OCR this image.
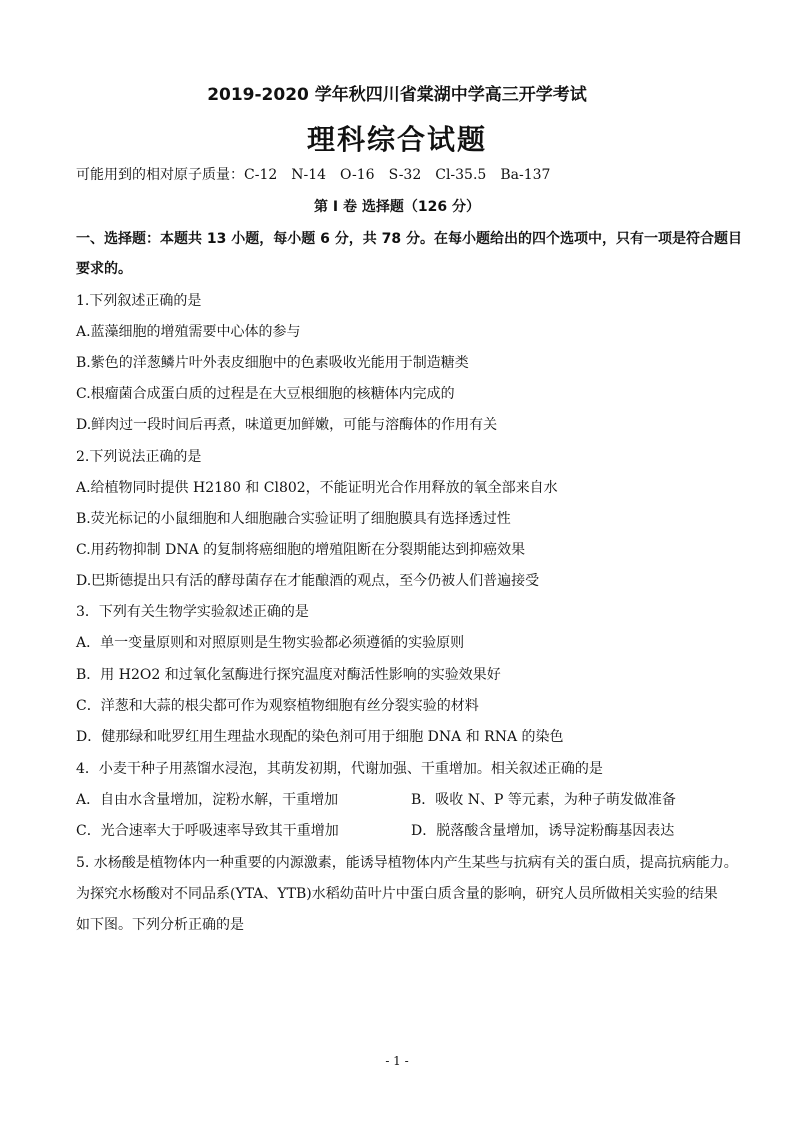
2019-2020 学年秋四川省棠湖中学高三开学考试
理科综合试题
可能用到的相对原子质量：C-12　N-14　O-16　S-32　Cl-35.5　Ba-137
第 I 卷 选择题（126 分）
一、选择题：本题共 13 小题，每小题 6 分，共 78 分。在每小题给出的四个选项中，只有一项是符合题目
要求的。
1.下列叙述正确的是
A.蓝藻细胞的增殖需要中心体的参与
B.紫色的洋葱鳞片叶外表皮细胞中的色素吸收光能用于制造糖类
C.根瘤菌合成蛋白质的过程是在大豆根细胞的核糖体内完成的
D.鲜肉过一段时间后再煮，味道更加鲜嫩，可能与溶酶体的作用有关
2.下列说法正确的是
A.给植物同时提供 H2180 和 Cl802，不能证明光合作用释放的氧全部来自水
B.荧光标记的小鼠细胞和人细胞融合实验证明了细胞膜具有选择透过性
C.用药物抑制 DNA 的复制将癌细胞的增殖阻断在分裂期能达到抑癌效果
D.巴斯德提出只有活的酵母菌存在才能酿酒的观点，至今仍被人们普遍接受
3．下列有关生物学实验叙述正确的是
A．单一变量原则和对照原则是生物实验都必须遵循的实验原则
B．用 H2O2 和过氧化氢酶进行探究温度对酶活性影响的实验效果好
C．洋葱和大蒜的根尖都可作为观察植物细胞有丝分裂实验的材料
D．健那绿和吡罗红用生理盐水现配的染色剂可用于细胞 DNA 和 RNA 的染色
4．小麦干种子用蒸馏水浸泡，其萌发初期，代谢加强、干重增加。相关叙述正确的是
A．自由水含量增加，淀粉水解，干重增加	B．吸收 N、P 等元素，为种子萌发做准备
C．光合速率大于呼吸速率导致其干重增加	D．脱落酸含量增加，诱导淀粉酶基因表达
5. 水杨酸是植物体内一种重要的内源激素，能诱导植物体内产生某些与抗病有关的蛋白质，提高抗病能力。
为探究水杨酸对不同品系(YTA、YTB)水稻幼苗叶片中蛋白质含量的影响，研究人员所做相关实验的结果
如下图。下列分析正确的是
- 1 -
